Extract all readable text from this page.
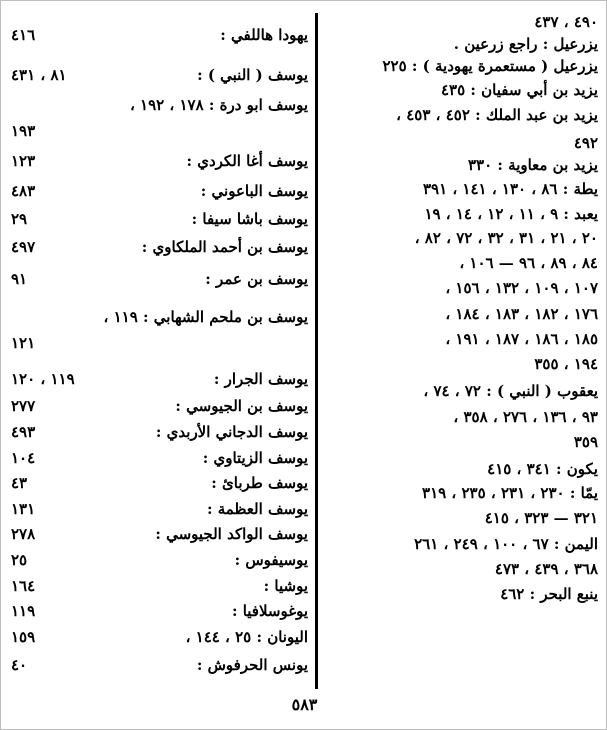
٤٩٠ ، ٤٣٧
يزرعيل : راجع زرعين .
يزرعيل ( مستعمرة يهودية ) : ٢٢٥
يزيد بن أبي سفيان : ٤٣٥
يزيد بن عبد الملك : ٤٥٢ ، ٤٥٣ ،
٤٩٢
يزيد بن معاوية : ٣٣٠
يطة : ٨٦ ، ١٣٠ ، ١٤١ ، ٣٩١
يعبد : ٩ ، ١١ ، ١٢ ، ١٤ ، ١٩
٢٠ ، ٢١ ، ٣١ ، ٣٢ ، ٧٢ ، ٨٢ ،
٨٤ ، ٨٩ ، ٩٦ — ١٠٦ ،
١٠٧ ، ١٠٩ ، ١٣٢ ، ١٥٦ ،
١٧٦ ، ١٨٢ ، ١٨٣ ، ١٨٤ ،
١٨٥ ، ١٨٦ ، ١٨٧ ، ١٩١ ،
١٩٤ ، ٣٥٥
يعقوب ( النبي ) : ٧٢ ، ٧٤ ،
٩٣ ، ١٣٦ ، ٢٧٦ ، ٣٥٨ ،
٣٥٩
يكون : ٣٤١ ، ٤١٥
يمّا : ٢٣٠ ، ٢٣١ ، ٢٣٥ ، ٣١٩
٣٢١ — ٣٢٣ ، ٤١٥
اليمن : ٦٧ ، ١٠٠ ، ٢٤٩ ، ٢٦١
٣٦٨ ، ٤٣٩ ، ٤٧٣
ينبع البحر : ٤٦٢
٤١٦	يهودا هاللفي :
٨١ ، ٤٣١	يوسف ( النبي ) :
يوسف ابو درة : ١٧٨ ، ١٩٢ ،
١٩٣
١٢٣	يوسف أغا الكردي :
٤٨٣	يوسف الباعوني :
٢٩	يوسف باشا سيفا :
٤٩٧	يوسف بن أحمد الملكاوي :
٩١	يوسف بن عمر :
يوسف بن ملحم الشهابي : ١١٩ ،
١٢١
١١٩ ، ١٢٠	يوسف الجرار :
٢٧٧	يوسف بن الجيوسي :
٤٩٣	يوسف الدجاني الأربدي :
١٠٤	يوسف الزيتاوي :
٤٣	يوسف طربائ :
١٣١	يوسف العظمة :
٢٧٨	يوسف الواكد الجيوسي :
٢٥	يوسيفوس :
١٦٤	يوشيا :
١١٩	يوغوسلافيا :
١٥٩	اليونان : ٢٥ ، ١٤٤ ،
٤٠	يونس الحرفوش :
٥٨٣
